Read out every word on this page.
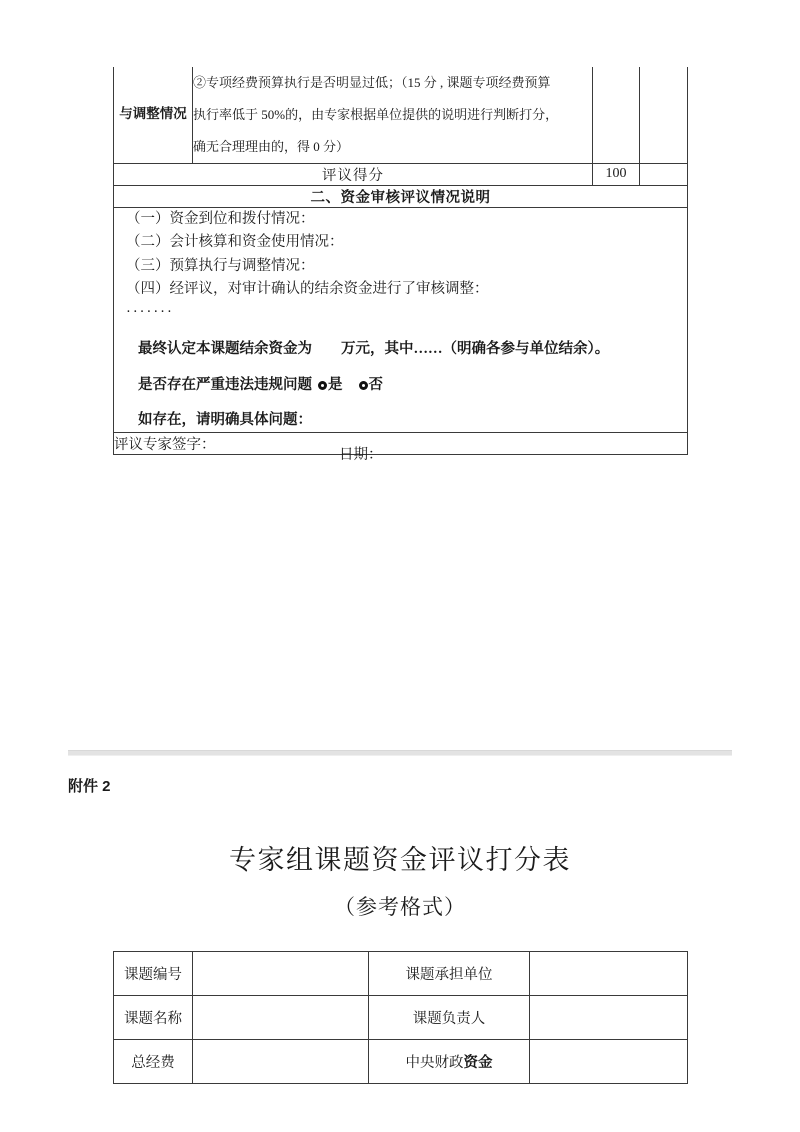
与调整情况	②专项经费预算执行是否明显过低；（15 分 , 课题专项经费预算
执行率低于 50%的，由专家根据单位提供的说明进行判断打分，
确无合理理由的，得 0 分）		

评议得分		100	
二、资金审核评议情况说明			

（一）资金到位和拨付情况：
（二）会计核算和资金使用情况：
（三）预算执行与调整情况：
（四）经评议，对审计确认的结余资金进行了审核调整：
·······
最终认定本课题结余资金为　　万元，其中……（明确各参与单位结余）。
是否存在严重违法违规问题 是 否
如存在，请明确具体问题：

评议专家签字：
日期：			
附件 2
专家组课题资金评议打分表
（参考格式）
课题编号		课题承担单位	
课题名称		课题负责人	
总经费		中央财政资金	
